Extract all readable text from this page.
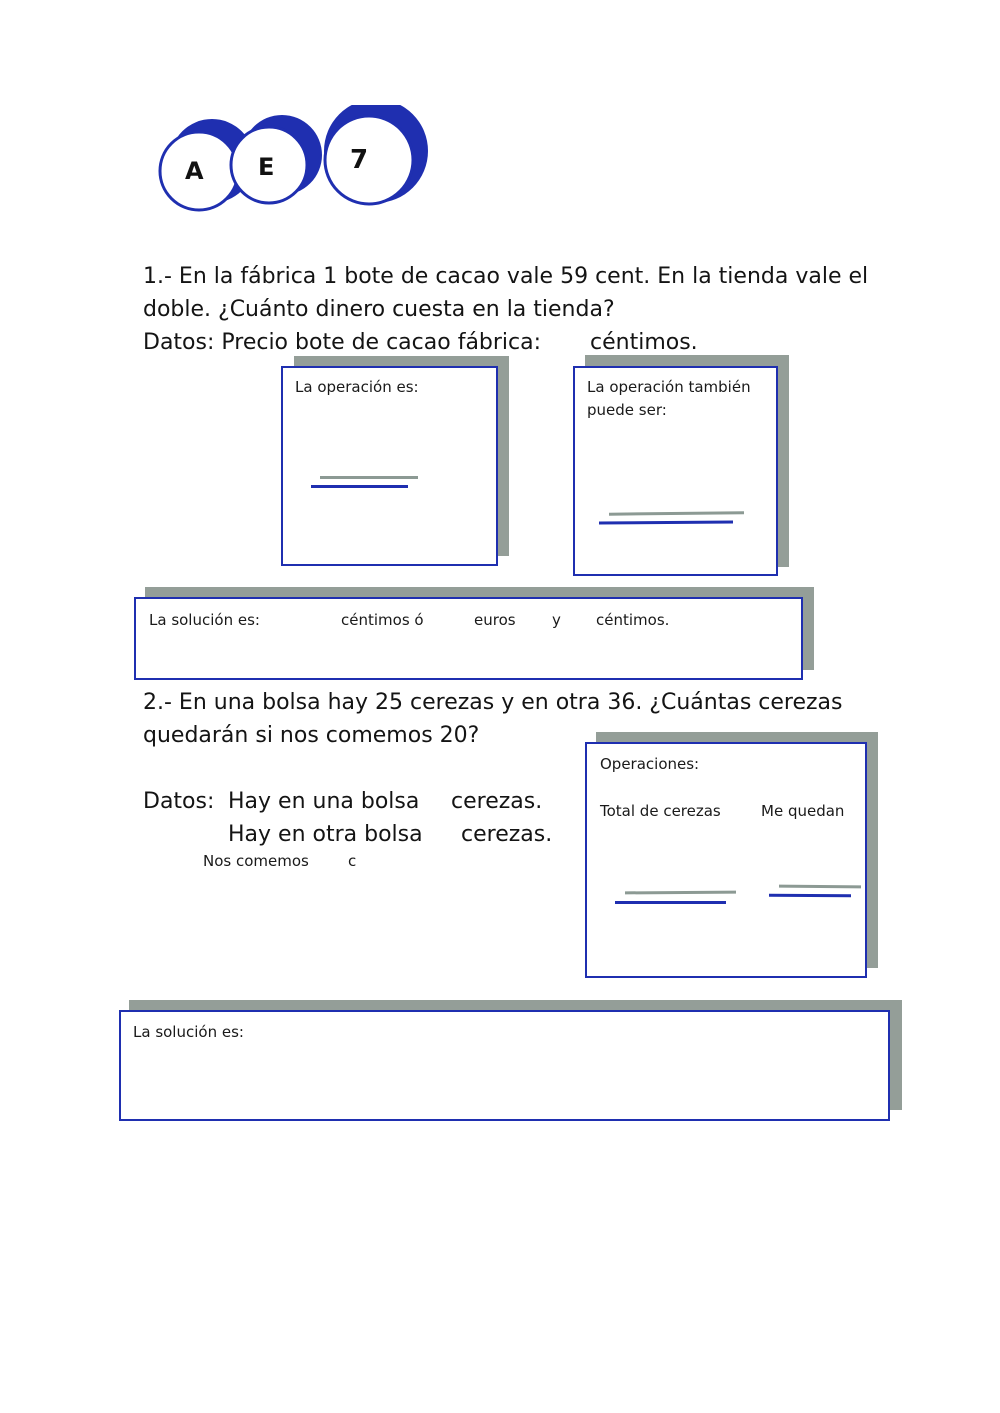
A E	7
1.- En la fábrica 1 bote de cacao vale 59 cent. En la tienda vale el
doble. ¿Cuánto dinero cuesta en la tienda?
Datos: Precio bote de cacao fábrica: céntimos.
La operación es:	La operación también
puede ser:
La solución es:	céntimos ó	euros y céntimos.
2.- En una bolsa hay 25 cerezas y en otra 36. ¿Cuántas cerezas
quedarán si nos comemos 20?
Datos: Hay en una bolsa cerezas.
Hay en otra bolsa cerezas.
Nos comemos	c
Operaciones:
Total de cerezas	Me quedan
La solución es:
